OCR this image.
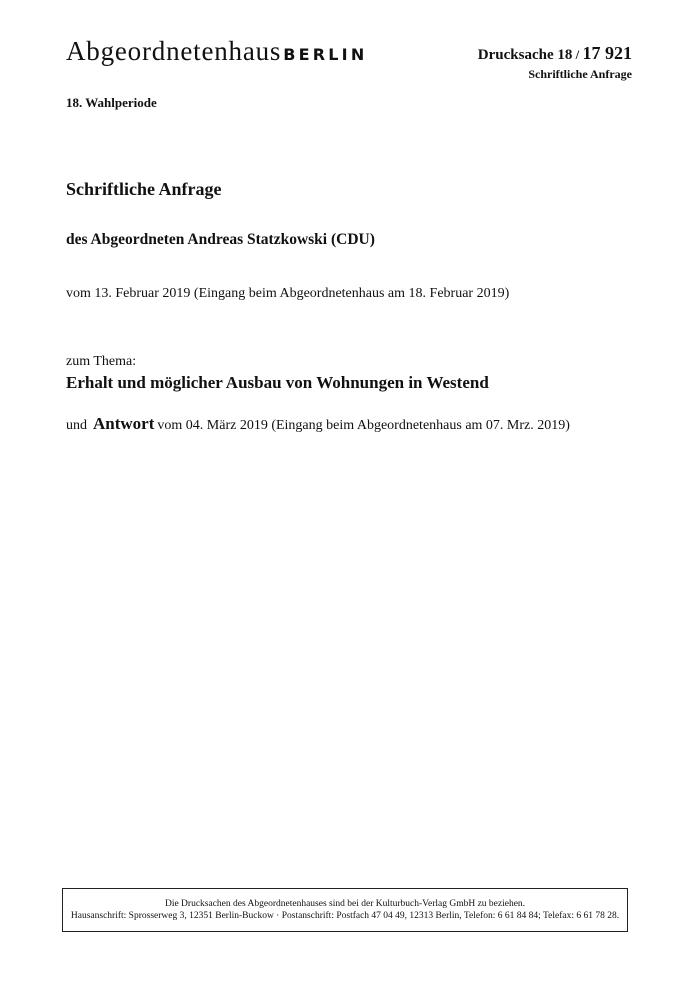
Abgeordnetenhaus BERLIN	Drucksache 18 / 17 921
Schriftliche Anfrage
18. Wahlperiode
Schriftliche Anfrage
des Abgeordneten Andreas Statzkowski (CDU)
vom 13. Februar 2019 (Eingang beim Abgeordnetenhaus am 18. Februar 2019)
zum Thema:
Erhalt und möglicher Ausbau von Wohnungen in Westend
und Antwort vom 04. März 2019 (Eingang beim Abgeordnetenhaus am 07. Mrz. 2019)
Die Drucksachen des Abgeordnetenhauses sind bei der Kulturbuch-Verlag GmbH zu beziehen.
Hausanschrift: Sprosserweg 3, 12351 Berlin-Buckow · Postanschrift: Postfach 47 04 49, 12313 Berlin, Telefon: 6 61 84 84; Telefax: 6 61 78 28.
